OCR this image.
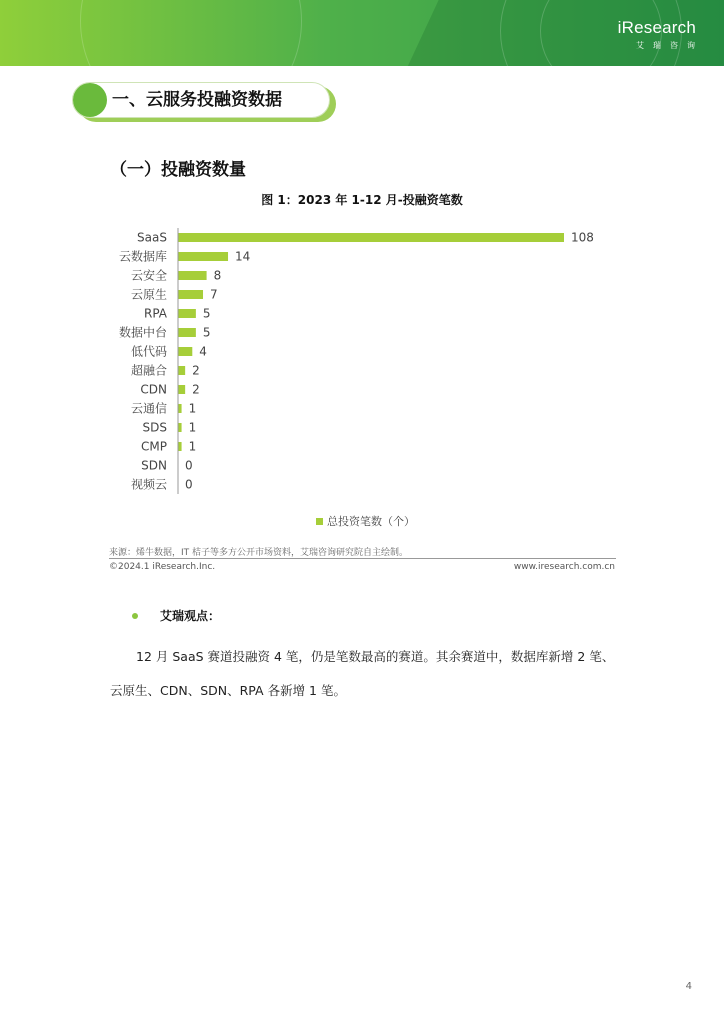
iResearch
艾瑞咨询
一、云服务投融资数据
（一）投融资数量
图 1：2023 年 1-12 月-投融资笔数
SaaS	108
云数据库	14
云安全	8
云原生	7
RPA	5
数据中台	5
低代码	4
超融合 2
CDN 2
云通信 1
SDS 1
CMP 1
SDN 0
视频云 0
总投资笔数（个）
来源：烯牛数据，IT 桔子等多方公开市场资料，艾瑞咨询研究院自主绘制。
©2024.1 iResearch.Inc.	www.iresearch.com.cn
艾瑞观点：
12 月 SaaS 赛道投融资 4 笔，仍是笔数最高的赛道。其余赛道中，数据库新增 2 笔、
云原生、CDN、SDN、RPA 各新增 1 笔。
4
